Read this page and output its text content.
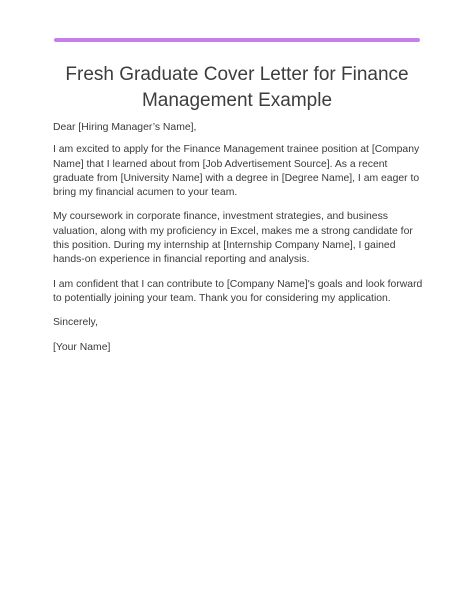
Fresh Graduate Cover Letter for Finance Management Example

Dear [Hiring Manager’s Name],

I am excited to apply for the Finance Management trainee position at [Company Name] that I learned about from [Job Advertisement Source]. As a recent graduate from [University Name] with a degree in [Degree Name], I am eager to bring my financial acumen to your team.

My coursework in corporate finance, investment strategies, and business valuation, along with my proficiency in Excel, makes me a strong candidate for this position. During my internship at [Internship Company Name], I gained hands-on experience in financial reporting and analysis.

I am confident that I can contribute to [Company Name]'s goals and look forward to potentially joining your team. Thank you for considering my application.

Sincerely,

[Your Name]
